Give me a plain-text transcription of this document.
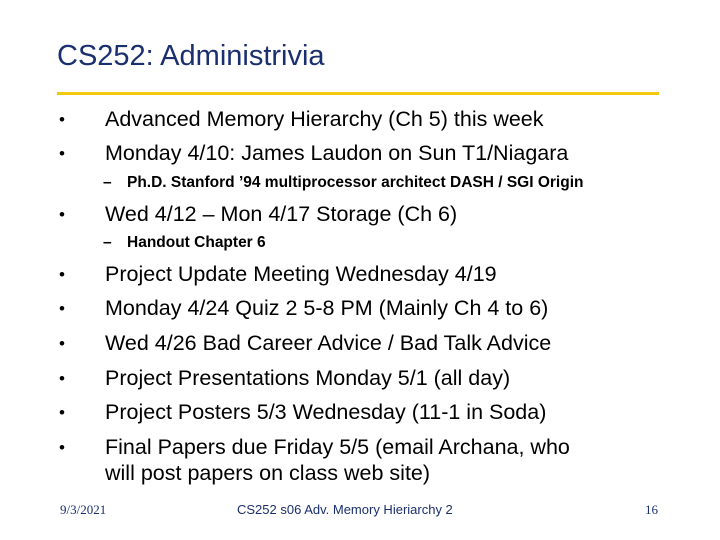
CS252: Administrivia
• Advanced Memory Hierarchy (Ch 5) this week
• Monday 4/10: James Laudon on Sun T1/Niagara
– Ph.D. Stanford ’94 multiprocessor architect DASH / SGI Origin
• Wed 4/12 – Mon 4/17 Storage (Ch 6)
– Handout Chapter 6
• Project Update Meeting Wednesday 4/19
• Monday 4/24 Quiz 2 5-8 PM (Mainly Ch 4 to 6)
• Wed 4/26 Bad Career Advice / Bad Talk Advice
• Project Presentations Monday 5/1 (all day)
• Project Posters 5/3 Wednesday (11-1 in Soda)
• Final Papers due Friday 5/5 (email Archana, who
will post papers on class web site)
9/3/2021	CS252 s06 Adv. Memory Hieriarchy 2	16
